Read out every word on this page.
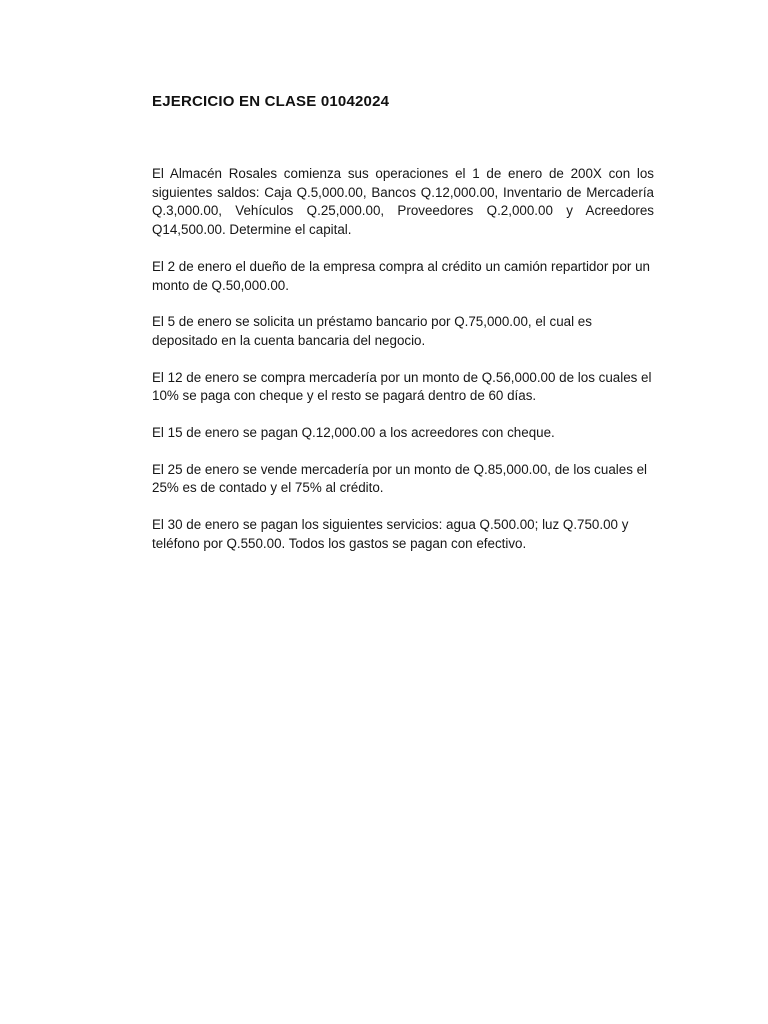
EJERCICIO EN CLASE 01042024

El Almacén Rosales comienza sus operaciones el 1 de enero de 200X con los siguientes saldos: Caja Q.5,000.00, Bancos Q.12,000.00, Inventario de Mercadería Q.3,000.00, Vehículos Q.25,000.00, Proveedores Q.2,000.00 y Acreedores Q14,500.00. Determine el capital.

El 2 de enero el dueño de la empresa compra al crédito un camión repartidor por un monto de Q.50,000.00.

El 5 de enero se solicita un préstamo bancario por Q.75,000.00, el cual es depositado en la cuenta bancaria del negocio.

El 12 de enero se compra mercadería por un monto de Q.56,000.00 de los cuales el 10% se paga con cheque y el resto se pagará dentro de 60 días.

El 15 de enero se pagan Q.12,000.00 a los acreedores con cheque.

El 25 de enero se vende mercadería por un monto de Q.85,000.00, de los cuales el 25% es de contado y el 75% al crédito.

El 30 de enero se pagan los siguientes servicios: agua Q.500.00; luz Q.750.00 y teléfono por Q.550.00. Todos los gastos se pagan con efectivo.
